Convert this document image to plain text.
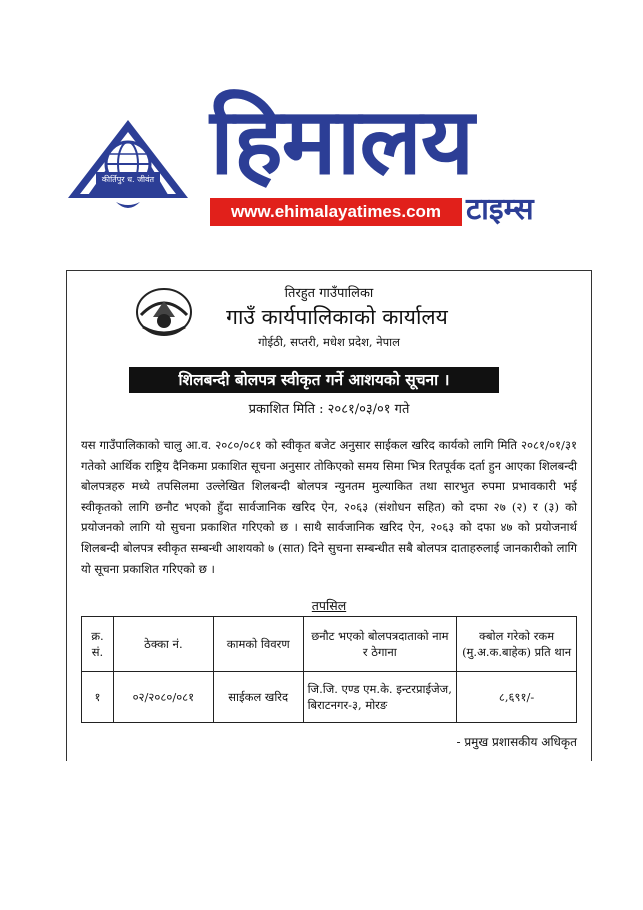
कीर्तिपुर ध. जीवंत
2057 हिमालय
www.ehimalayatimes.com टाइम्स
तिरहुत गाउँपालिका
गाउँ कार्यपालिकाको कार्यालय
गोईठी, सप्तरी, मधेश प्रदेश, नेपाल
शिलबन्दी बोलपत्र स्वीकृत गर्ने आशयको सूचना ।
प्रकाशित मिति : २०८१/०३/०१ गते
यस गाउँपालिकाको चालु आ.व. २०८०/०८१ को स्वीकृत बजेट अनुसार साईकल खरिद कार्यको लागि मिति २०८१/०१/३१ गतेको आर्थिक राष्ट्रिय दैनिकमा प्रकाशित सूचना अनुसार तोकिएको समय सिमा भित्र रितपूर्वक दर्ता हुन आएका शिलबन्दी बोलपत्रहरु मध्ये तपसिलमा उल्लेखित शिलबन्दी बोलपत्र न्युनतम मुल्याकित तथा सारभुत रुपमा प्रभावकारी भई स्वीकृतको लागि छनौट भएको हुँदा सार्वजानिक खरिद ऐन, २०६३ (संशोधन सहित) को दफा २७ (२) र (३) को प्रयोजनको लागि यो सुचना प्रकाशित गरिएको छ । साथै सार्वजानिक खरिद ऐन, २०६३ को दफा ४७ को प्रयोजनार्थ शिलबन्दी बोलपत्र स्वीकृत सम्बन्धी आशयको ७ (सात) दिने सुचना सम्बन्धीत सबै बोलपत्र दाताहरुलाई जानकारीको लागि यो सूचना प्रकाशित गरिएको छ ।
तपसिल
क्र. सं.	ठेक्का नं.	कामको विवरण	छनौट भएको बोलपत्रदाताको नाम र ठेगाना	क्बोल गरेको रकम (मु.अ.क.बाहेक) प्रति थान
१	०२/२०८०/०८१	साईकल खरिद	जि.जि. एण्ड एम.के. इन्टरप्राईजेज, बिराटनगर-३, मोरङ	८,६९१/-
- प्रमुख प्रशासकीय अधिकृत
